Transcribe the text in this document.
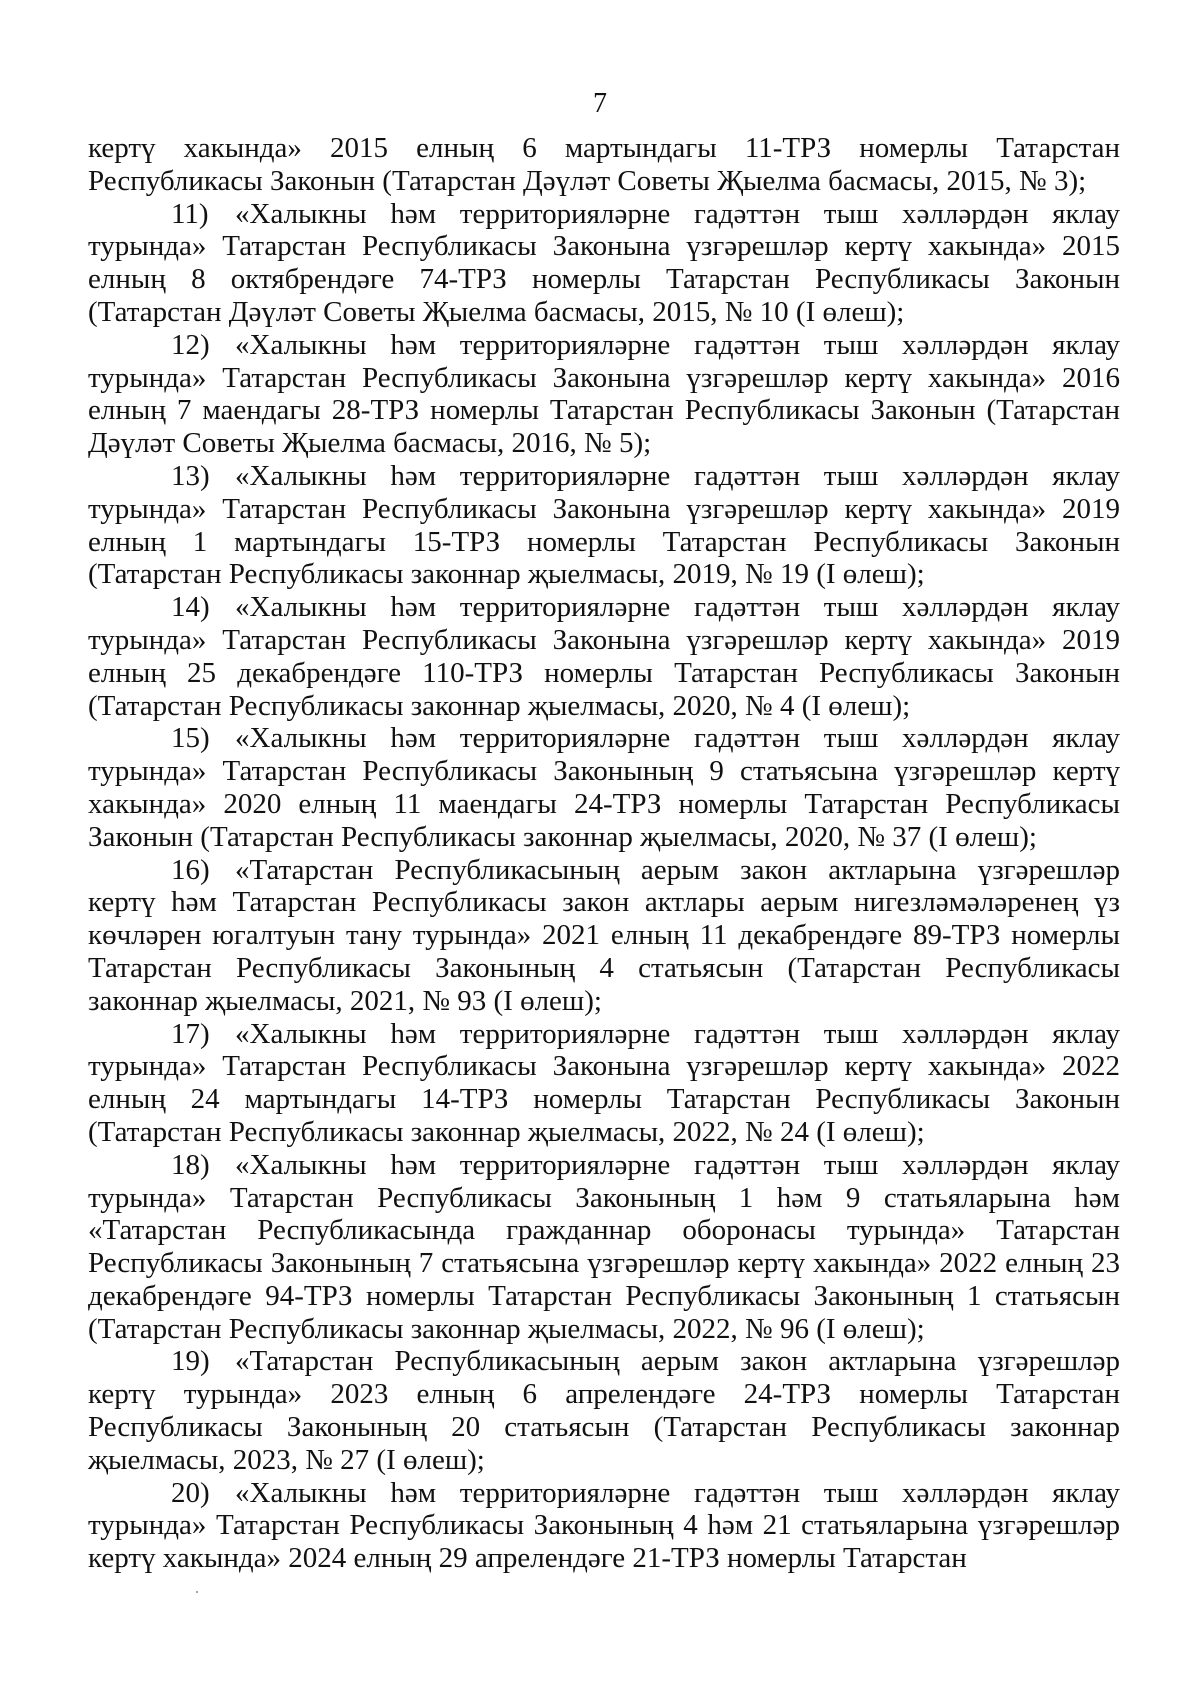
7

кертү хакында» 2015 елның 6 мартындагы 11-ТРЗ номерлы Татарстан Республикасы Законын (Татарстан Дәүләт Советы Җыелма басмасы, 2015, № 3);

11) «Халыкны һәм территорияләрне гадәттән тыш хәлләрдән яклау турында» Татарстан Республикасы Законына үзгәрешләр кертү хакында» 2015 елның 8 октябрендәге 74-ТРЗ номерлы Татарстан Республикасы Законын (Татарстан Дәүләт Советы Җыелма басмасы, 2015, № 10 (I өлеш);

12) «Халыкны һәм территорияләрне гадәттән тыш хәлләрдән яклау турында» Татарстан Республикасы Законына үзгәрешләр кертү хакында» 2016 елның 7 маендагы 28-ТРЗ номерлы Татарстан Республикасы Законын (Татарстан Дәүләт Советы Җыелма басмасы, 2016, № 5);

13) «Халыкны һәм территорияләрне гадәттән тыш хәлләрдән яклау турында» Татарстан Республикасы Законына үзгәрешләр кертү хакында» 2019 елның 1 мартындагы 15-ТРЗ номерлы Татарстан Республикасы Законын (Татарстан Республикасы законнар җыелмасы, 2019, № 19 (I өлеш);

14) «Халыкны һәм территорияләрне гадәттән тыш хәлләрдән яклау турында» Татарстан Республикасы Законына үзгәрешләр кертү хакында» 2019 елның 25 декабрендәге 110-ТРЗ номерлы Татарстан Республикасы Законын (Татарстан Республикасы законнар җыелмасы, 2020, № 4 (I өлеш);

15) «Халыкны һәм территорияләрне гадәттән тыш хәлләрдән яклау турында» Татарстан Республикасы Законының 9 статьясына үзгәрешләр кертү хакында» 2020 елның 11 маендагы 24-ТРЗ номерлы Татарстан Республикасы Законын (Татарстан Республикасы законнар җыелмасы, 2020, № 37 (I өлеш);

16) «Татарстан Республикасының аерым закон актларына үзгәрешләр кертү һәм Татарстан Республикасы закон актлары аерым нигезләмәләренең үз көчләрен югалтуын тану турында» 2021 елның 11 декабрендәге 89-ТРЗ номерлы Татарстан Республикасы Законының 4 статьясын (Татарстан Республикасы законнар җыелмасы, 2021, № 93 (I өлеш);

17) «Халыкны һәм территорияләрне гадәттән тыш хәлләрдән яклау турында» Татарстан Республикасы Законына үзгәрешләр кертү хакында» 2022 елның 24 мартындагы 14-ТРЗ номерлы Татарстан Республикасы Законын (Татарстан Республикасы законнар җыелмасы, 2022, № 24 (I өлеш);

18) «Халыкны һәм территорияләрне гадәттән тыш хәлләрдән яклау турында» Татарстан Республикасы Законының 1 һәм 9 статьяларына һәм «Татарстан Республикасында гражданнар оборонасы турында» Татарстан Республикасы Законының 7 статьясына үзгәрешләр кертү хакында» 2022 елның 23 декабрендәге 94-ТРЗ номерлы Татарстан Республикасы Законының 1 статьясын (Татарстан Республикасы законнар җыелмасы, 2022, № 96 (I өлеш);

19) «Татарстан Республикасының аерым закон актларына үзгәрешләр кертү турында» 2023 елның 6 апрелендәге 24-ТРЗ номерлы Татарстан Республикасы Законының 20 статьясын (Татарстан Республикасы законнар җыелмасы, 2023, № 27 (I өлеш);

20) «Халыкны һәм территорияләрне гадәттән тыш хәлләрдән яклау турында» Татарстан Республикасы Законының 4 һәм 21 статьяларына үзгәрешләр кертү хакында» 2024 елның 29 апрелендәге 21-ТРЗ номерлы Татарстан
